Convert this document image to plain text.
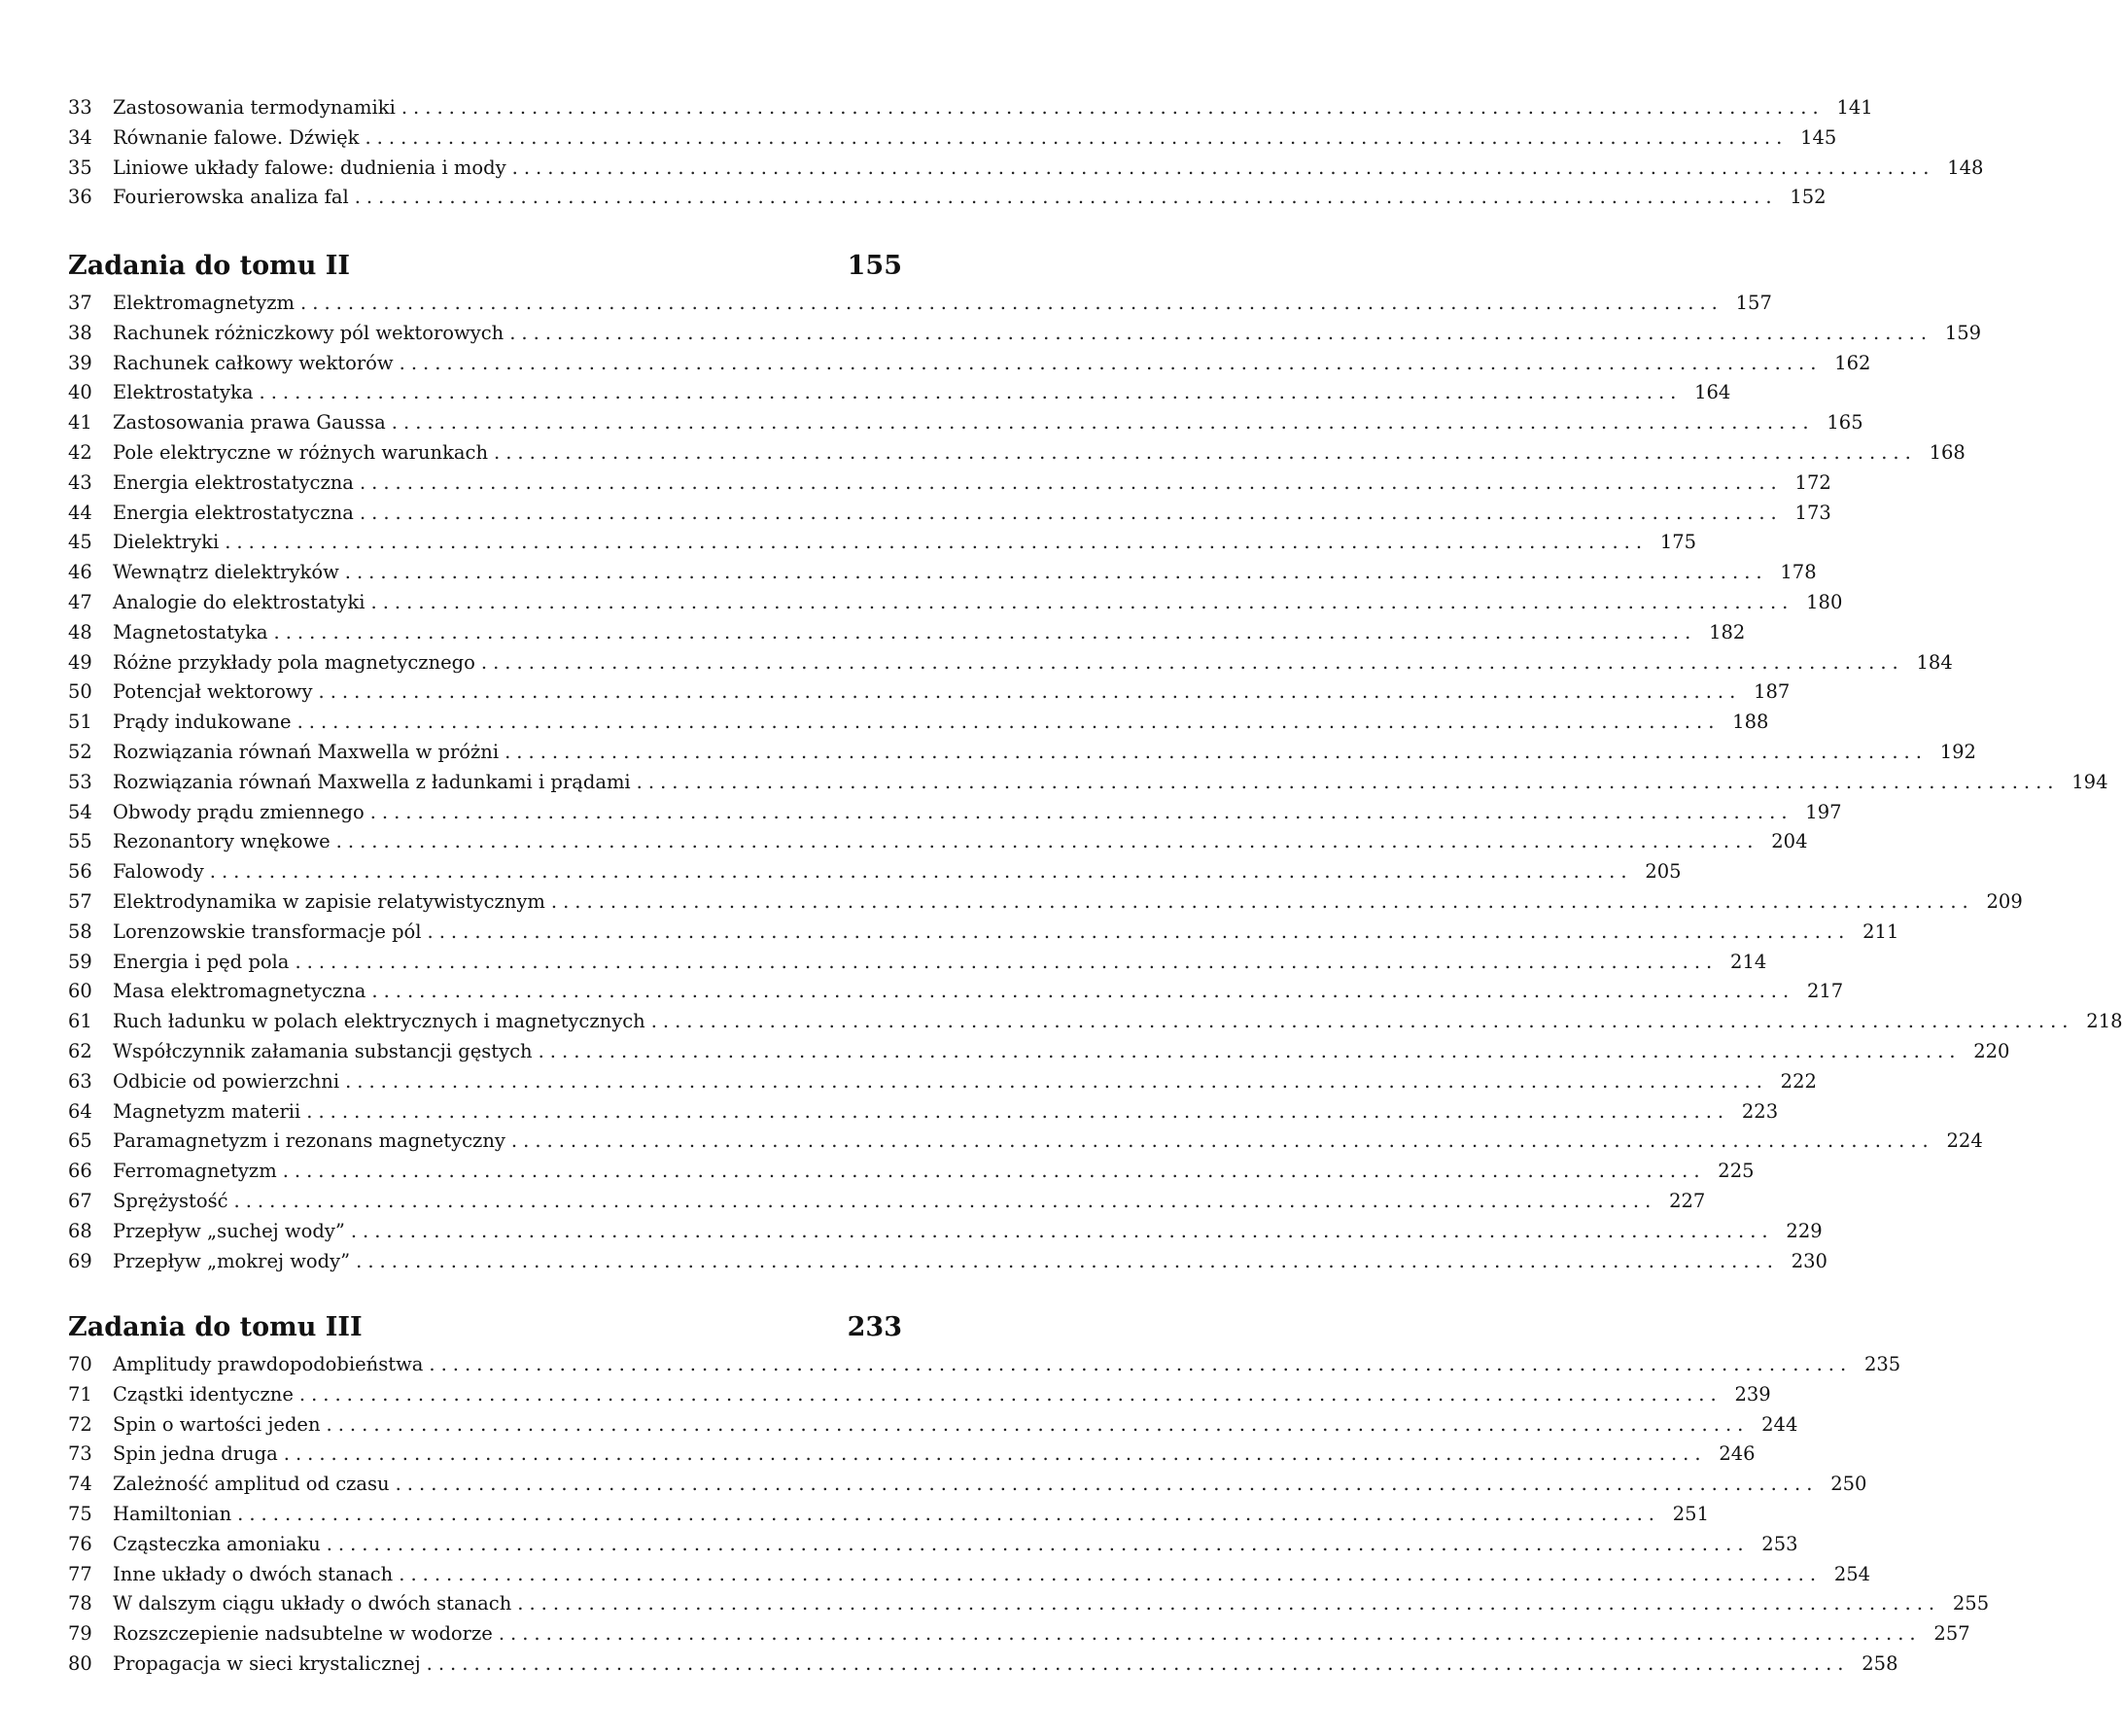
33	Zastosowania termodynamiki ........................................................................................................................ 141
34	Równanie falowe. Dźwięk ........................................................................................................................ 145
35	Liniowe układy falowe: dudnienia i mody ........................................................................................................................ 148
36	Fourierowska analiza fal ........................................................................................................................ 152
Zadania do tomu II	155
37	Elektromagnetyzm ........................................................................................................................ 157
38	Rachunek różniczkowy pól wektorowych ........................................................................................................................ 159
39	Rachunek całkowy wektorów ........................................................................................................................ 162
40	Elektrostatyka ........................................................................................................................ 164
41	Zastosowania prawa Gaussa ........................................................................................................................ 165
42	Pole elektryczne w różnych warunkach ........................................................................................................................ 168
43	Energia elektrostatyczna ........................................................................................................................ 172
44	Energia elektrostatyczna ........................................................................................................................ 173
45	Dielektryki ........................................................................................................................ 175
46	Wewnątrz dielektryków ........................................................................................................................ 178
47	Analogie do elektrostatyki ........................................................................................................................ 180
48	Magnetostatyka ........................................................................................................................ 182
49	Różne przykłady pola magnetycznego ........................................................................................................................ 184
50	Potencjał wektorowy ........................................................................................................................ 187
51	Prądy indukowane ........................................................................................................................ 188
52	Rozwiązania równań Maxwella w próżni ........................................................................................................................ 192
53	Rozwiązania równań Maxwella z ładunkami i prądami ........................................................................................................................ 194
54	Obwody prądu zmiennego ........................................................................................................................ 197
55	Rezonantory wnękowe ........................................................................................................................ 204
56	Falowody ........................................................................................................................ 205
57	Elektrodynamika w zapisie relatywistycznym ........................................................................................................................ 209
58	Lorenzowskie transformacje pól ........................................................................................................................ 211
59	Energia i pęd pola ........................................................................................................................ 214
60	Masa elektromagnetyczna ........................................................................................................................ 217
61	Ruch ładunku w polach elektrycznych i magnetycznych ........................................................................................................................ 218
62	Współczynnik załamania substancji gęstych ........................................................................................................................ 220
63	Odbicie od powierzchni ........................................................................................................................ 222
64	Magnetyzm materii ........................................................................................................................ 223
65	Paramagnetyzm i rezonans magnetyczny ........................................................................................................................ 224
66	Ferromagnetyzm ........................................................................................................................ 225
67	Sprężystość ........................................................................................................................ 227
68	Przepływ „suchej wody” ........................................................................................................................ 229
69	Przepływ „mokrej wody” ........................................................................................................................ 230
Zadania do tomu III	233
70	Amplitudy prawdopodobieństwa ........................................................................................................................ 235
71	Cząstki identyczne ........................................................................................................................ 239
72	Spin o wartości jeden ........................................................................................................................ 244
73	Spin jedna druga ........................................................................................................................ 246
74	Zależność amplitud od czasu ........................................................................................................................ 250
75	Hamiltonian ........................................................................................................................ 251
76	Cząsteczka amoniaku ........................................................................................................................ 253
77	Inne układy o dwóch stanach ........................................................................................................................ 254
78	W dalszym ciągu układy o dwóch stanach ........................................................................................................................ 255
79	Rozszczepienie nadsubtelne w wodorze ........................................................................................................................ 257
80	Propagacja w sieci krystalicznej ........................................................................................................................ 258
